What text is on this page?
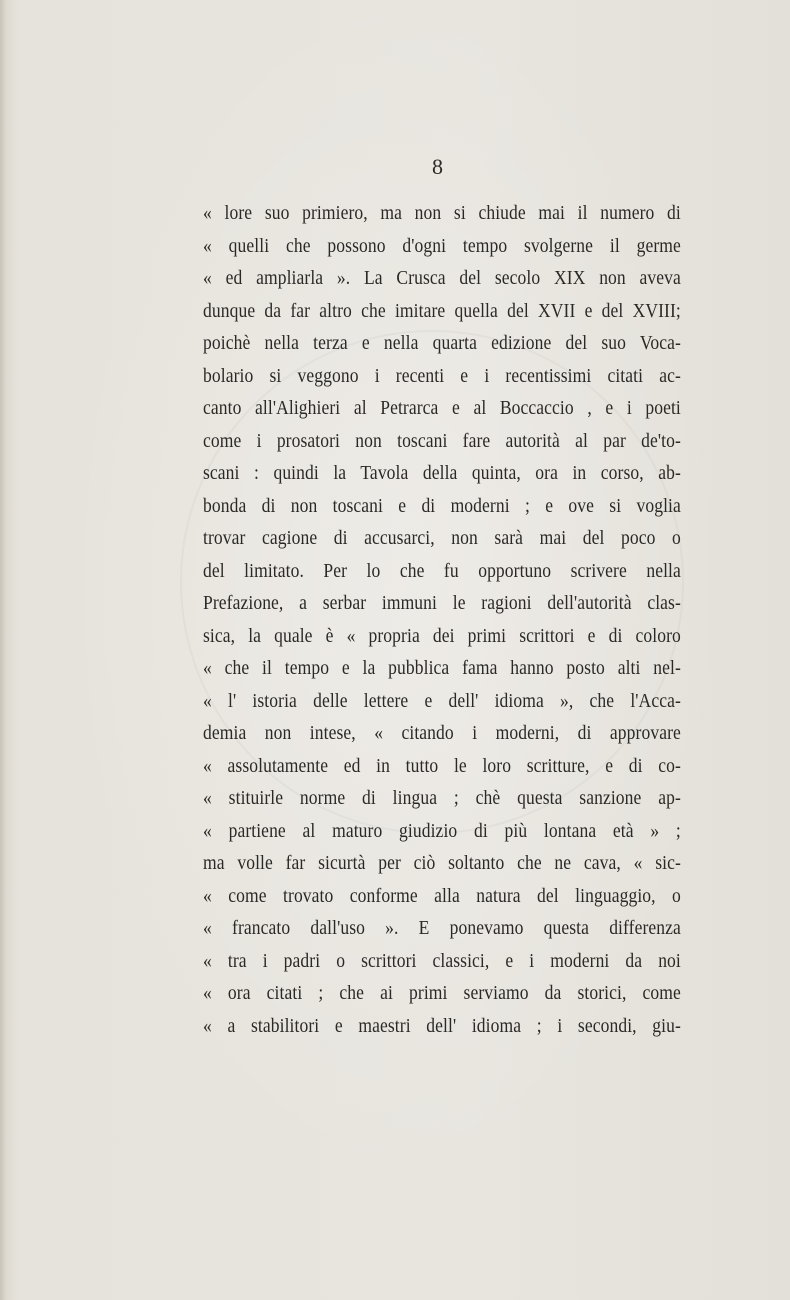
8
« lore suo primiero, ma non si chiude mai il numero di
« quelli che possono d'ogni tempo svolgerne il germe
« ed ampliarla ». La Crusca del secolo XIX non aveva
dunque da far altro che imitare quella del XVII e del XVIII;
poichè nella terza e nella quarta edizione del suo Voca-
bolario si veggono i recenti e i recentissimi citati ac-
canto all'Alighieri al Petrarca e al Boccaccio , e i poeti
come i prosatori non toscani fare autorità al par de'to-
scani : quindi la Tavola della quinta, ora in corso, ab-
bonda di non toscani e di moderni ; e ove si voglia
trovar cagione di accusarci, non sarà mai del poco o
del limitato. Per lo che fu opportuno scrivere nella
Prefazione, a serbar immuni le ragioni dell'autorità clas-
sica, la quale è « propria dei primi scrittori e di coloro
« che il tempo e la pubblica fama hanno posto alti nel-
« l' istoria delle lettere e dell' idioma », che l'Acca-
demia non intese, « citando i moderni, di approvare
« assolutamente ed in tutto le loro scritture, e di co-
« stituirle norme di lingua ; chè questa sanzione ap-
« partiene al maturo giudizio di più lontana età » ;
ma volle far sicurtà per ciò soltanto che ne cava, « sic-
« come trovato conforme alla natura del linguaggio, o
« francato dall'uso ». E ponevamo questa differenza
« tra i padri o scrittori classici, e i moderni da noi
« ora citati ; che ai primi serviamo da storici, come
« a stabilitori e maestri dell' idioma ; i secondi, giu-
